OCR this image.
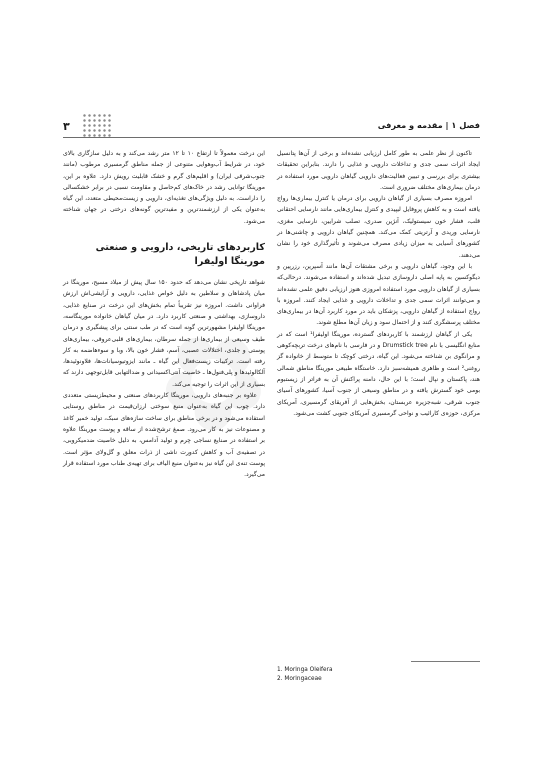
۳	فصل ۱ | مقدمه و معرفی

تاکنون از نظر علمی به طور کامل ارزیابی نشده‌اند و برخی از آن‌ها پتانسیل ایجاد اثرات سمی جدی و تداخلات دارویی و غذایی را دارند. بنابراین تحقیقات بیشتری برای بررسی و تبیین فعالیت‌های دارویی گیاهان دارویی مورد استفاده در درمان بیماری‌های مختلف ضروری است.

امروزه مصرف بسیاری از گیاهان دارویی برای درمان یا کنترل بیماری‌ها رواج یافته است و به کاهش پروفایل لیپیدی و کنترل بیماری‌هایی مانند نارسایی احتقانی قلب، فشار خون سیستولیک، آنژین صدری، تصلب شرایین، نارسایی مغزی، نارسایی وریدی و آرتریتی کمک می‌کند. همچنین گیاهان دارویی و چاشنی‌ها در کشورهای آسیایی به میزان زیادی مصرف می‌شوند و تأثیرگذاری خود را نشان می‌دهند.

با این وجود، گیاهان دارویی و برخی مشتقات آن‌ها مانند آسپرین، رزرپین و دیگوکسین به پایه اصلی داروسازی تبدیل شده‌اند و استفاده می‌شوند. درحالی‌که بسیاری از گیاهان دارویی مورد استفاده امروزی هنوز ارزیابی دقیق علمی نشده‌اند و می‌توانند اثرات سمی جدی و تداخلات دارویی و غذایی ایجاد کنند. امروزه با رواج استفاده از گیاهان دارویی، پزشکان باید در مورد کاربرد آن‌ها در بیماری‌های مختلف پرسشگری کنند و از احتمال سود و زیان آن‌ها مطلع شوند.

یکی از گیاهان ارزشمند با کاربردهای گسترده، مورینگا اولیفرا¹ است که در منابع انگلیسی با نام Drumstick tree و در فارسی با نام‌های درخت تربچه‌کوهی و مرانگوی بن شناخته می‌شود. این گیاه، درختی کوچک تا متوسط از خانواده گز روغنی² است و ظاهری همیشه‌سبز دارد. خاستگاه طبیعی مورینگا مناطق شمالی هند، پاکستان و نپال است؛ با این حال، دامنه پراکنش آن به فراتر از زیستبوم بومی خود گسترش یافته و در مناطق وسیعی از جنوب آسیا، کشورهای آسیای جنوب شرقی، شبه‌جزیره عربستان، بخش‌هایی از آفریقای گرمسیری، آمریکای مرکزی، حوزه‌ی کارائیب و نواحی گرمسیری آمریکای جنوبی کشت می‌شود.

این درخت معمولاً تا ارتفاع ۱۰ تا ۱۲ متر رشد می‌کند و به دلیل سازگاری بالای خود، در شرایط آب‌وهوایی متنوعی از جمله مناطق گرمسیری مرطوب (مانند جنوب‌شرقی ایران) و اقلیم‌های گرم و خشک قابلیت رویش دارد. علاوه بر این، مورینگا توانایی رشد در خاک‌های کم‌حاصل و مقاومت نسبی در برابر خشکسالی را داراست. به دلیل ویژگی‌های تغذیه‌ای، دارویی و زیست‌محیطی متعدد، این گیاه به‌عنوان یکی از ارزشمندترین و مفیدترین گونه‌های درختی در جهان شناخته می‌شود.

کاربردهای تاریخی، دارویی و صنعتی مورینگا اولیفرا

شواهد تاریخی نشان می‌دهد که حدود ۱۵۰ سال پیش از میلاد مسیح، مورینگا در میان پادشاهان و سلاطین به دلیل خواص غذایی، دارویی و آرایشی‌اش ارزش فراوانی داشت. امروزه نیز تقریباً تمام بخش‌های این درخت در صنایع غذایی، داروسازی، بهداشتی و صنعتی کاربرد دارد. در میان گیاهان خانواده مورینگاسه، مورینگا اولیفرا مشهورترین گونه است که در طب سنتی برای پیشگیری و درمان طیف وسیعی از بیماری‌ها از جمله سرطان، بیماری‌های قلبی‌عروقی، بیماری‌های پوستی و جلدی، اختلالات عصبی، آسم، فشار خون بالا، وبا و سوءهاضمه به کار رفته است. ترکیبات زیست‌فعال این گیاه ـ مانند ایزوتیوسیانات‌ها، فلاونوئیدها، آلکالوئیدها و پلی‌فنول‌ها ـ خاصیت آنتی‌اکسیدانی و ضدالتهابی قابل‌توجهی دارند که بسیاری از این اثرات را توجیه می‌کند.

علاوه بر جنبه‌های دارویی، مورینگا کاربردهای صنعتی و محیط‌زیستی متعددی دارد. چوب این گیاه به‌عنوان منبع سوختی ارزان‌قیمت در مناطق روستایی استفاده می‌شود و در برخی مناطق برای ساخت سازه‌های سبک، تولید خمیر کاغذ و مصنوعات نیز به کار می‌رود. صمغ ترشح‌شده از ساقه و پوست مورینگا علاوه بر استفاده در صنایع نساجی چرم و تولید آدامس، به دلیل خاصیت ضدمیکروبی، در تصفیه‌ی آب و کاهش کدورت ناشی از ذرات معلق و گل‌ولای مؤثر است. پوست تنه‌ی این گیاه نیز به‌عنوان منبع الیاف برای تهیه‌ی طناب مورد استفاده قرار می‌گیرد.

1. Moringa Oleifera

2. Moringaceae
